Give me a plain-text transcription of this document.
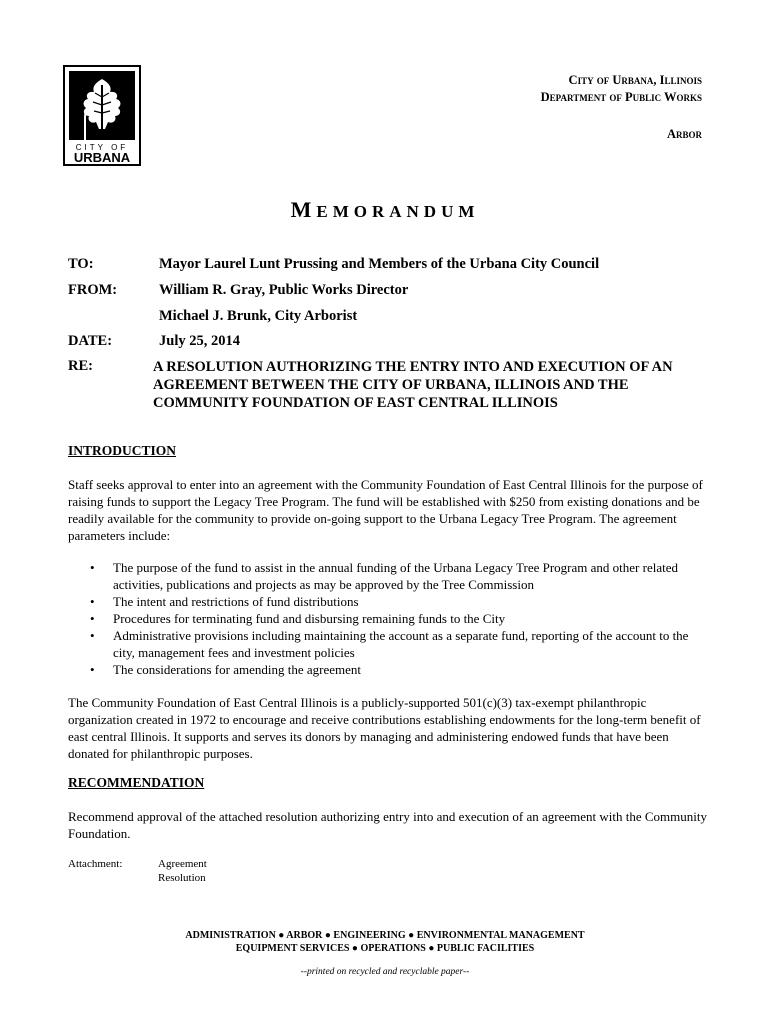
CITY OF
URBANA
City of Urbana, Illinois
Department of Public Works
Arbor
MEMORANDUM
TO:	Mayor Laurel Lunt Prussing and Members of the Urbana City Council
FROM:	William R. Gray, Public Works Director
Michael J. Brunk, City Arborist
DATE:	July 25, 2014
RE:	A RESOLUTION AUTHORIZING THE ENTRY INTO AND EXECUTION OF AN AGREEMENT BETWEEN THE CITY OF URBANA, ILLINOIS AND THE COMMUNITY FOUNDATION OF EAST CENTRAL ILLINOIS
INTRODUCTION
Staff seeks approval to enter into an agreement with the Community Foundation of East Central Illinois for the purpose of raising funds to support the Legacy Tree Program. The fund will be established with $250 from existing donations and be readily available for the community to provide on-going support to the Urbana Legacy Tree Program. The agreement parameters include:
• The purpose of the fund to assist in the annual funding of the Urbana Legacy Tree Program and other related activities, publications and projects as may be approved by the Tree Commission
• The intent and restrictions of fund distributions
• Procedures for terminating fund and disbursing remaining funds to the City
• Administrative provisions including maintaining the account as a separate fund, reporting of the account to the city, management fees and investment policies
• The considerations for amending the agreement
The Community Foundation of East Central Illinois is a publicly-supported 501(c)(3) tax-exempt philanthropic organization created in 1972 to encourage and receive contributions establishing endowments for the long-term benefit of east central Illinois. It supports and serves its donors by managing and administering endowed funds that have been donated for philanthropic purposes.
RECOMMENDATION
Recommend approval of the attached resolution authorizing entry into and execution of an agreement with the Community Foundation.
Attachment:	Agreement
Resolution
ADMINISTRATION ● ARBOR ● ENGINEERING ● ENVIRONMENTAL MANAGEMENT
EQUIPMENT SERVICES ● OPERATIONS ● PUBLIC FACILITIES
--printed on recycled and recyclable paper--
